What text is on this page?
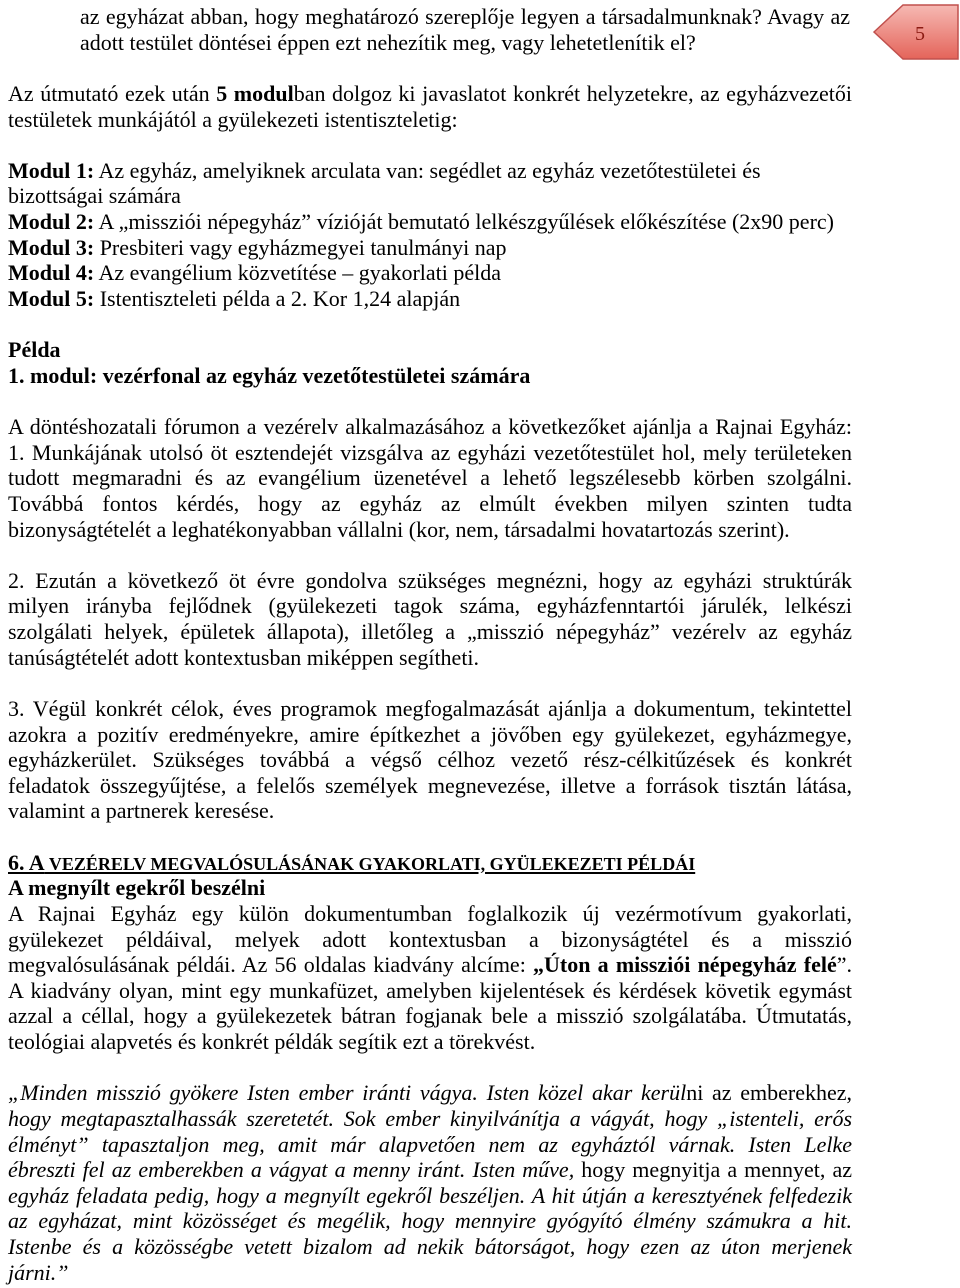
5
az egyházat abban, hogy meghatározó szereplője legyen a társadalmunknak? Avagy az
adott testület döntései éppen ezt nehezítik meg, vagy lehetetlenítik el?
Az útmutató ezek után 5 modulban dolgoz ki javaslatot konkrét helyzetekre, az egyházvezetői
testületek munkájától a gyülekezeti istentiszteletig:
Modul 1: Az egyház, amelyiknek arculata van: segédlet az egyház vezetőtestületei és
bizottságai számára
Modul 2: A „missziói népegyház” vízióját bemutató lelkészgyűlések előkészítése (2x90 perc)
Modul 3: Presbiteri vagy egyházmegyei tanulmányi nap
Modul 4: Az evangélium közvetítése – gyakorlati példa
Modul 5: Istentiszteleti példa a 2. Kor 1,24 alapján
Példa
1. modul: vezérfonal az egyház vezetőtestületei számára
A döntéshozatali fórumon a vezérelv alkalmazásához a következőket ajánlja a Rajnai Egyház:
1. Munkájának utolsó öt esztendejét vizsgálva az egyházi vezetőtestület hol, mely területeken
tudott megmaradni és az evangélium üzenetével a lehető legszélesebb körben szolgálni.
Továbbá fontos kérdés, hogy az egyház az elmúlt években milyen szinten tudta
bizonyságtételét a leghatékonyabban vállalni (kor, nem, társadalmi hovatartozás szerint).
2. Ezután a következő öt évre gondolva szükséges megnézni, hogy az egyházi struktúrák
milyen irányba fejlődnek (gyülekezeti tagok száma, egyházfenntartói járulék, lelkészi
szolgálati helyek, épületek állapota), illetőleg a „misszió népegyház” vezérelv az egyház
tanúságtételét adott kontextusban miképpen segítheti.
3. Végül konkrét célok, éves programok megfogalmazását ajánlja a dokumentum, tekintettel
azokra a pozitív eredményekre, amire építkezhet a jövőben egy gyülekezet, egyházmegye,
egyházkerület. Szükséges továbbá a végső célhoz vezető rész-célkitűzések és konkrét
feladatok összegyűjtése, a felelős személyek megnevezése, illetve a források tisztán látása,
valamint a partnerek keresése.
6. A VEZÉRELV MEGVALÓSULÁSÁNAK GYAKORLATI, GYÜLEKEZETI PÉLDÁI
A megnyílt egekről beszélni
A Rajnai Egyház egy külön dokumentumban foglalkozik új vezérmotívum gyakorlati,
gyülekezet példáival, melyek adott kontextusban a bizonyságtétel és a misszió
megvalósulásának példái. Az 56 oldalas kiadvány alcíme: „Úton a missziói népegyház felé”.
A kiadvány olyan, mint egy munkafüzet, amelyben kijelentések és kérdések követik egymást
azzal a céllal, hogy a gyülekezetek bátran fogjanak bele a misszió szolgálatába. Útmutatás,
teológiai alapvetés és konkrét példák segítik ezt a törekvést.
„Minden misszió gyökere Isten ember iránti vágya. Isten közel akar kerülni az emberekhez,
hogy megtapasztalhassák szeretetét. Sok ember kinyilvánítja a vágyát, hogy „istenteli, erős
élményt” tapasztaljon meg, amit már alapvetően nem az egyháztól várnak. Isten Lelke
ébreszti fel az emberekben a vágyat a menny iránt. Isten műve, hogy megnyitja a mennyet, az
egyház feladata pedig, hogy a megnyílt egekről beszéljen. A hit útján a keresztyének felfedezik
az egyházat, mint közösséget és megélik, hogy mennyire gyógyító élmény számukra a hit.
Istenbe és a közösségbe vetett bizalom ad nekik bátorságot, hogy ezen az úton merjenek
járni.”
